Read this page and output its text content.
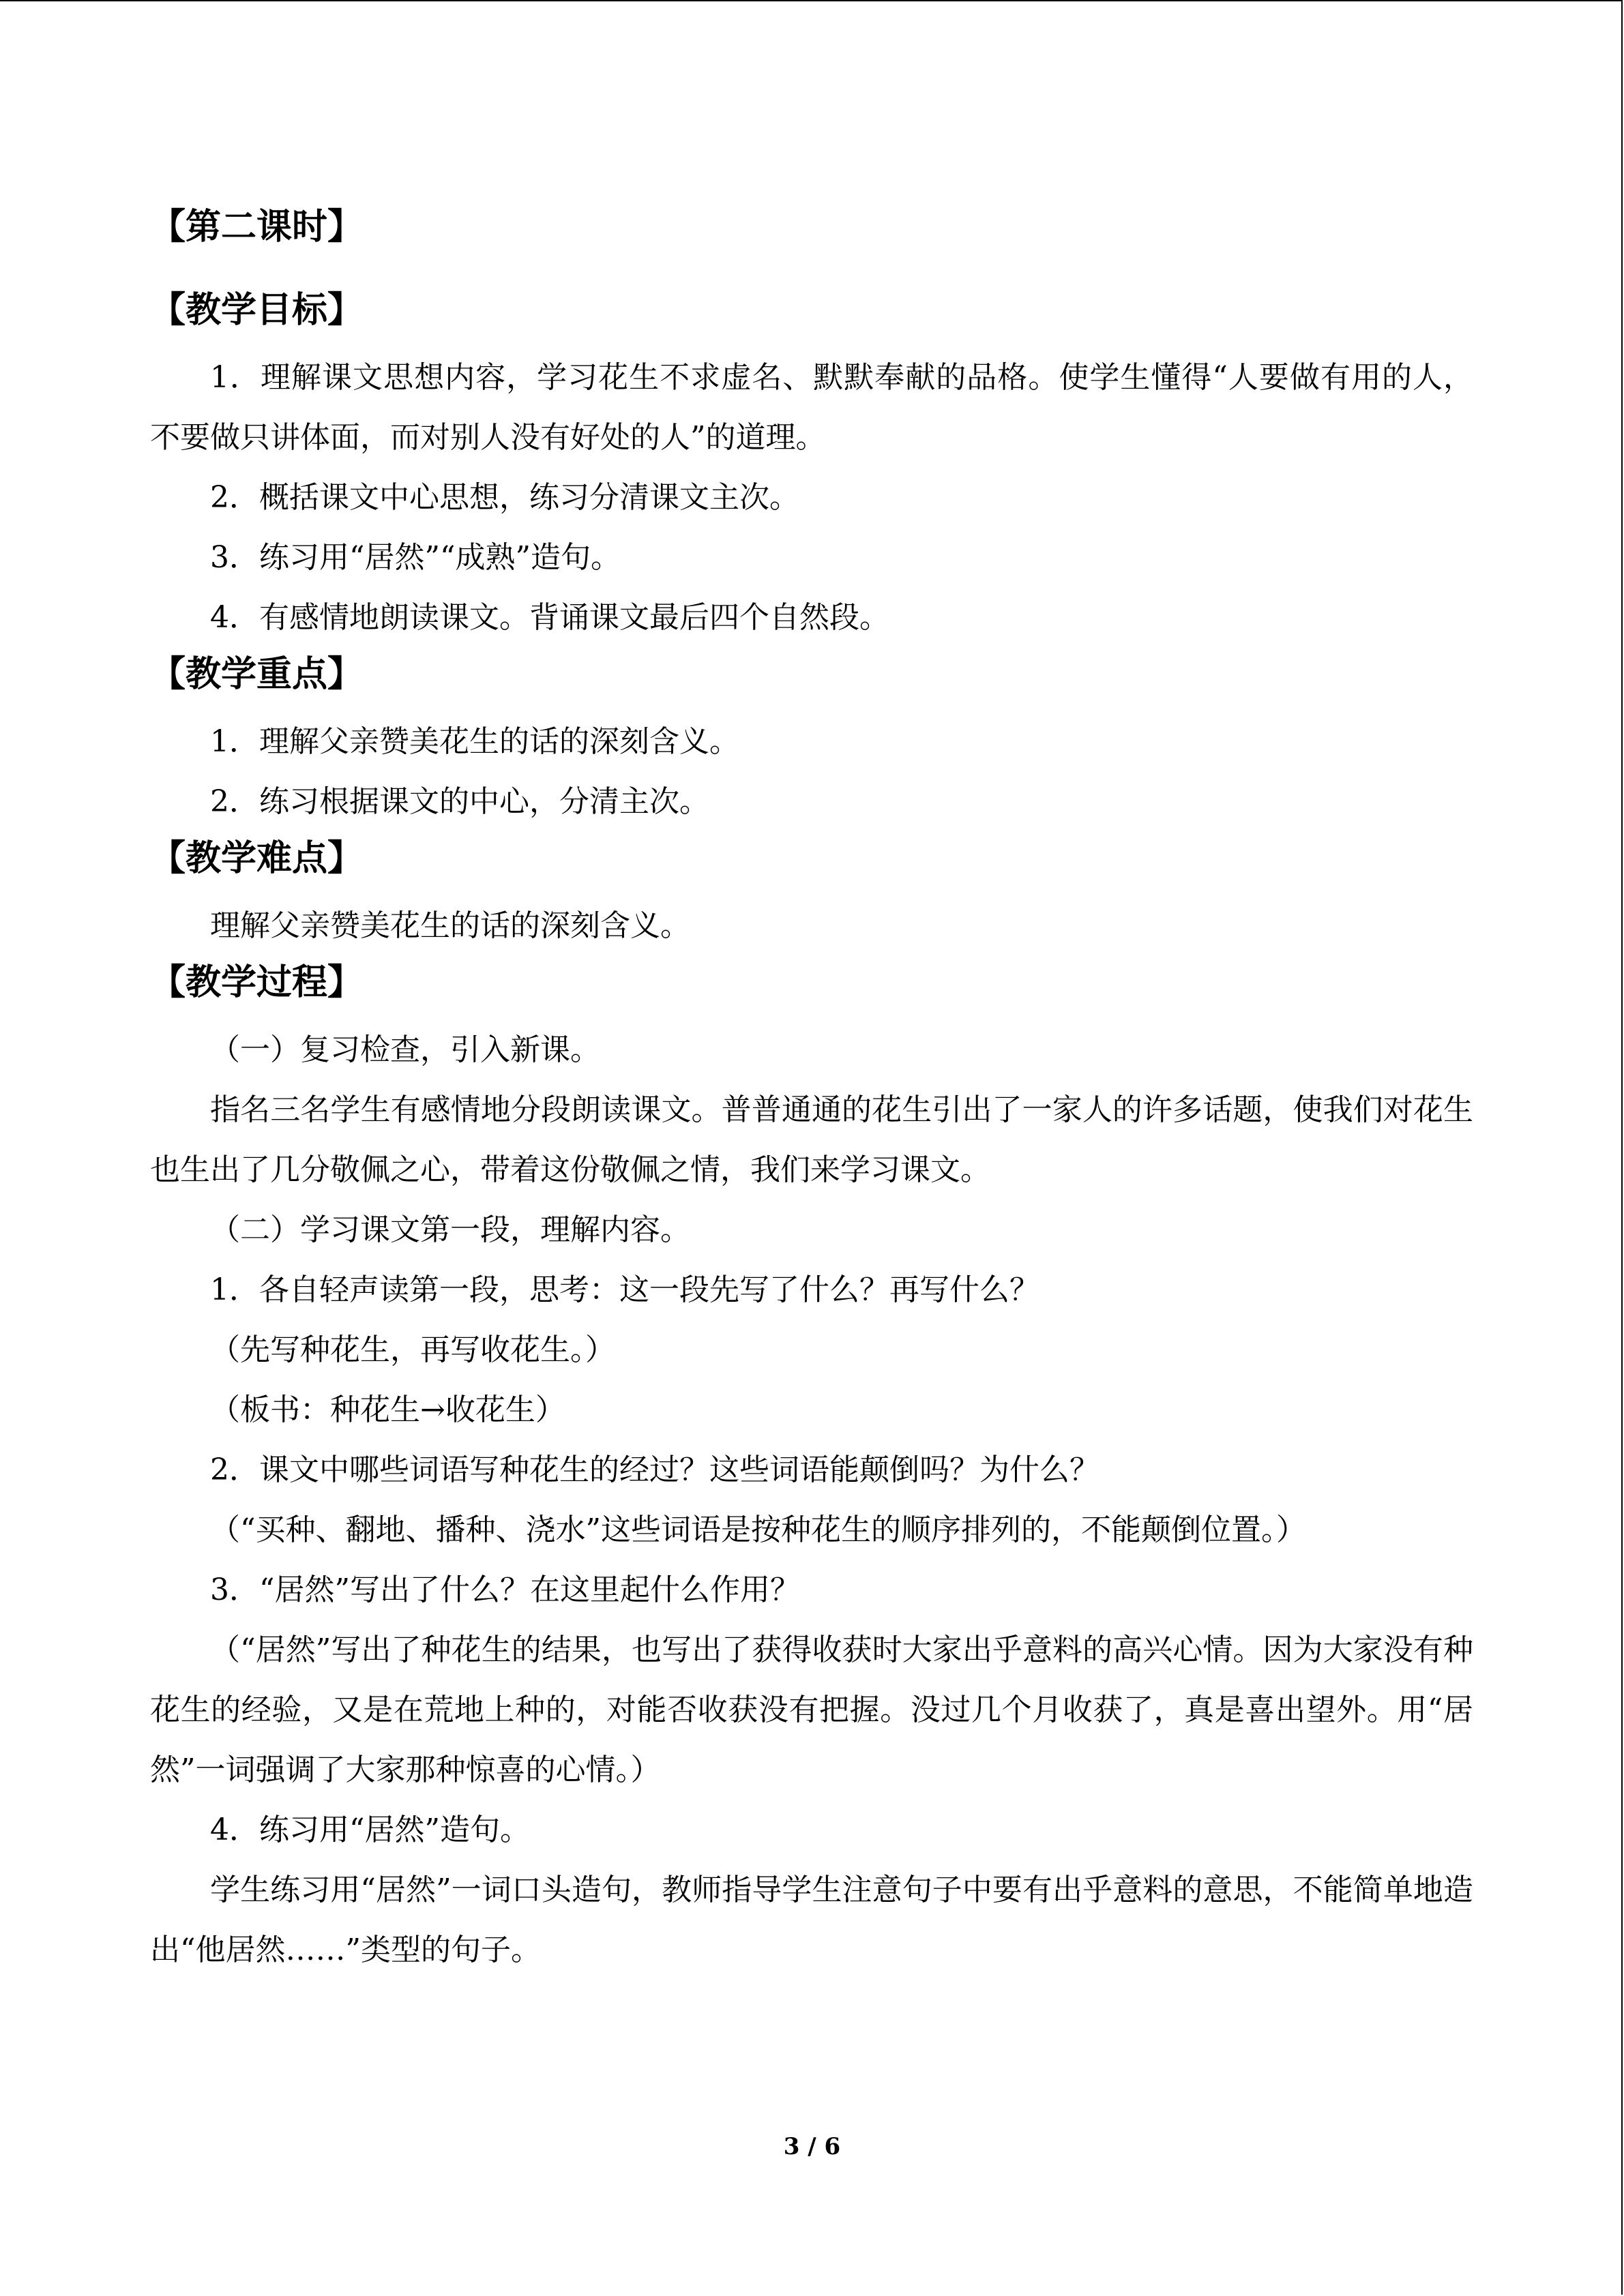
【第二课时】
【教学目标】

1．理解课文思想内容，学习花生不求虚名、默默奉献的品格。使学生懂得“人要做有用的人，不要做只讲体面，而对别人没有好处的人”的道理。

2．概括课文中心思想，练习分清课文主次。

3．练习用“居然”“成熟”造句。

4．有感情地朗读课文。背诵课文最后四个自然段。

【教学重点】

1．理解父亲赞美花生的话的深刻含义。

2．练习根据课文的中心，分清主次。

【教学难点】

理解父亲赞美花生的话的深刻含义。

【教学过程】

（一）复习检查，引入新课。

指名三名学生有感情地分段朗读课文。普普通通的花生引出了一家人的许多话题，使我们对花生也生出了几分敬佩之心，带着这份敬佩之情，我们来学习课文。

（二）学习课文第一段，理解内容。

1．各自轻声读第一段，思考：这一段先写了什么？再写什么？

（先写种花生，再写收花生。）

（板书：种花生→收花生）

2．课文中哪些词语写种花生的经过？这些词语能颠倒吗？为什么？

（“买种、翻地、播种、浇水”这些词语是按种花生的顺序排列的，不能颠倒位置。）

3．“居然”写出了什么？在这里起什么作用？

（“居然”写出了种花生的结果，也写出了获得收获时大家出乎意料的高兴心情。因为大家没有种花生的经验，又是在荒地上种的，对能否收获没有把握。没过几个月收获了，真是喜出望外。用“居然”一词强调了大家那种惊喜的心情。）

4．练习用“居然”造句。

学生练习用“居然”一词口头造句，教师指导学生注意句子中要有出乎意料的意思，不能简单地造出“他居然……”类型的句子。

3 / 6
